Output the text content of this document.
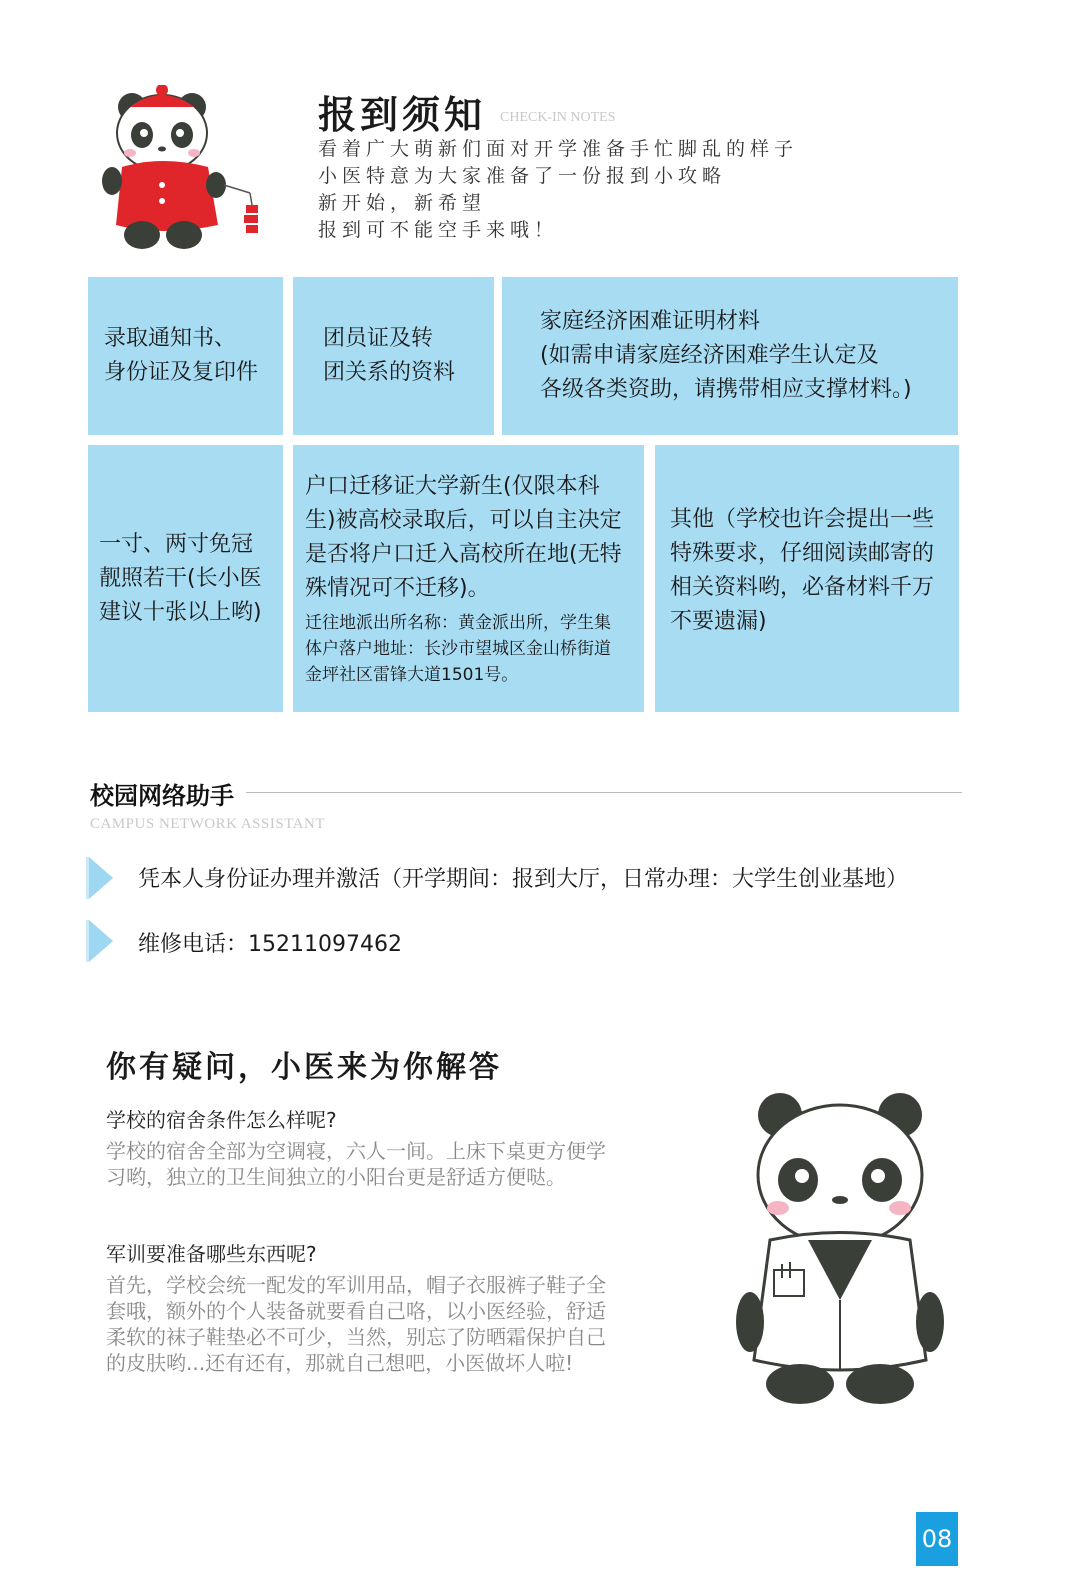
报到须知 CHECK-IN NOTES
看着广大萌新们面对开学准备手忙脚乱的样子
小医特意为大家准备了一份报到小攻略
新开始，新希望
报到可不能空手来哦！
录取通知书、
身份证及复印件
团员证及转
团关系的资料
家庭经济困难证明材料
(如需申请家庭经济困难学生认定及
各级各类资助，请携带相应支撑材料。)
一寸、两寸免冠
靓照若干(长小医
建议十张以上哟)
户口迁移证大学新生(仅限本科
生)被高校录取后，可以自主决定
是否将户口迁入高校所在地(无特
殊情况可不迁移)。
迁往地派出所名称：黄金派出所，学生集
体户落户地址：长沙市望城区金山桥街道
金坪社区雷锋大道1501号。
其他（学校也许会提出一些
特殊要求，仔细阅读邮寄的
相关资料哟，必备材料千万
不要遗漏)
校园网络助手
CAMPUS NETWORK ASSISTANT
凭本人身份证办理并激活（开学期间：报到大厅，日常办理：大学生创业基地）
维修电话：15211097462
你有疑问，小医来为你解答
学校的宿舍条件怎么样呢?
学校的宿舍全部为空调寝，六人一间。上床下桌更方便学
习哟，独立的卫生间独立的小阳台更是舒适方便哒。
军训要准备哪些东西呢?
首先，学校会统一配发的军训用品，帽子衣服裤子鞋子全
套哦，额外的个人装备就要看自己咯，以小医经验，舒适
柔软的袜子鞋垫必不可少，当然，别忘了防晒霜保护自己
的皮肤哟...还有还有，那就自己想吧，小医做坏人啦!
08
